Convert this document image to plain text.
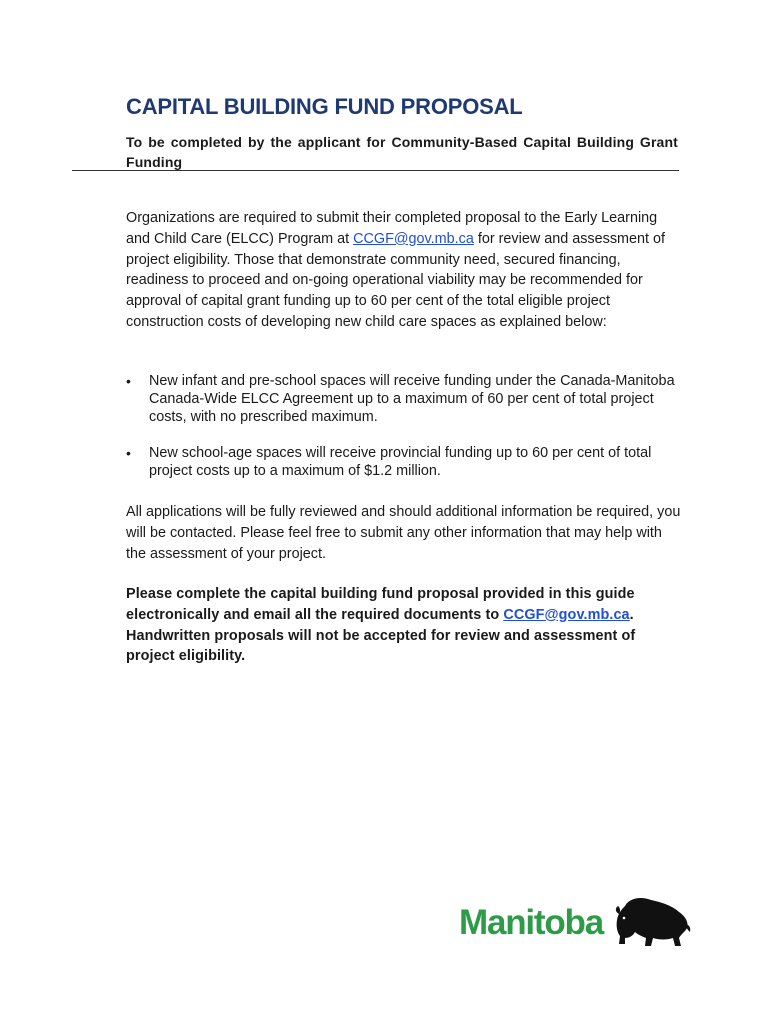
CAPITAL BUILDING FUND PROPOSAL

To be completed by the applicant for Community-Based Capital Building Grant Funding

Organizations are required to submit their completed proposal to the Early Learning and Child Care (ELCC) Program at CCGF@gov.mb.ca for review and assessment of project eligibility. Those that demonstrate community need, secured financing, readiness to proceed and on-going operational viability may be recommended for approval of capital grant funding up to 60 per cent of the total eligible project construction costs of developing new child care spaces as explained below:

• New infant and pre-school spaces will receive funding under the Canada-Manitoba Canada-Wide ELCC Agreement up to a maximum of 60 per cent of total project costs, with no prescribed maximum.
• New school-age spaces will receive provincial funding up to 60 per cent of total project costs up to a maximum of $1.2 million.

All applications will be fully reviewed and should additional information be required, you will be contacted. Please feel free to submit any other information that may help with the assessment of your project.

Please complete the capital building fund proposal provided in this guide electronically and email all the required documents to CCGF@gov.mb.ca. Handwritten proposals will not be accepted for review and assessment of project eligibility.

Manitoba
